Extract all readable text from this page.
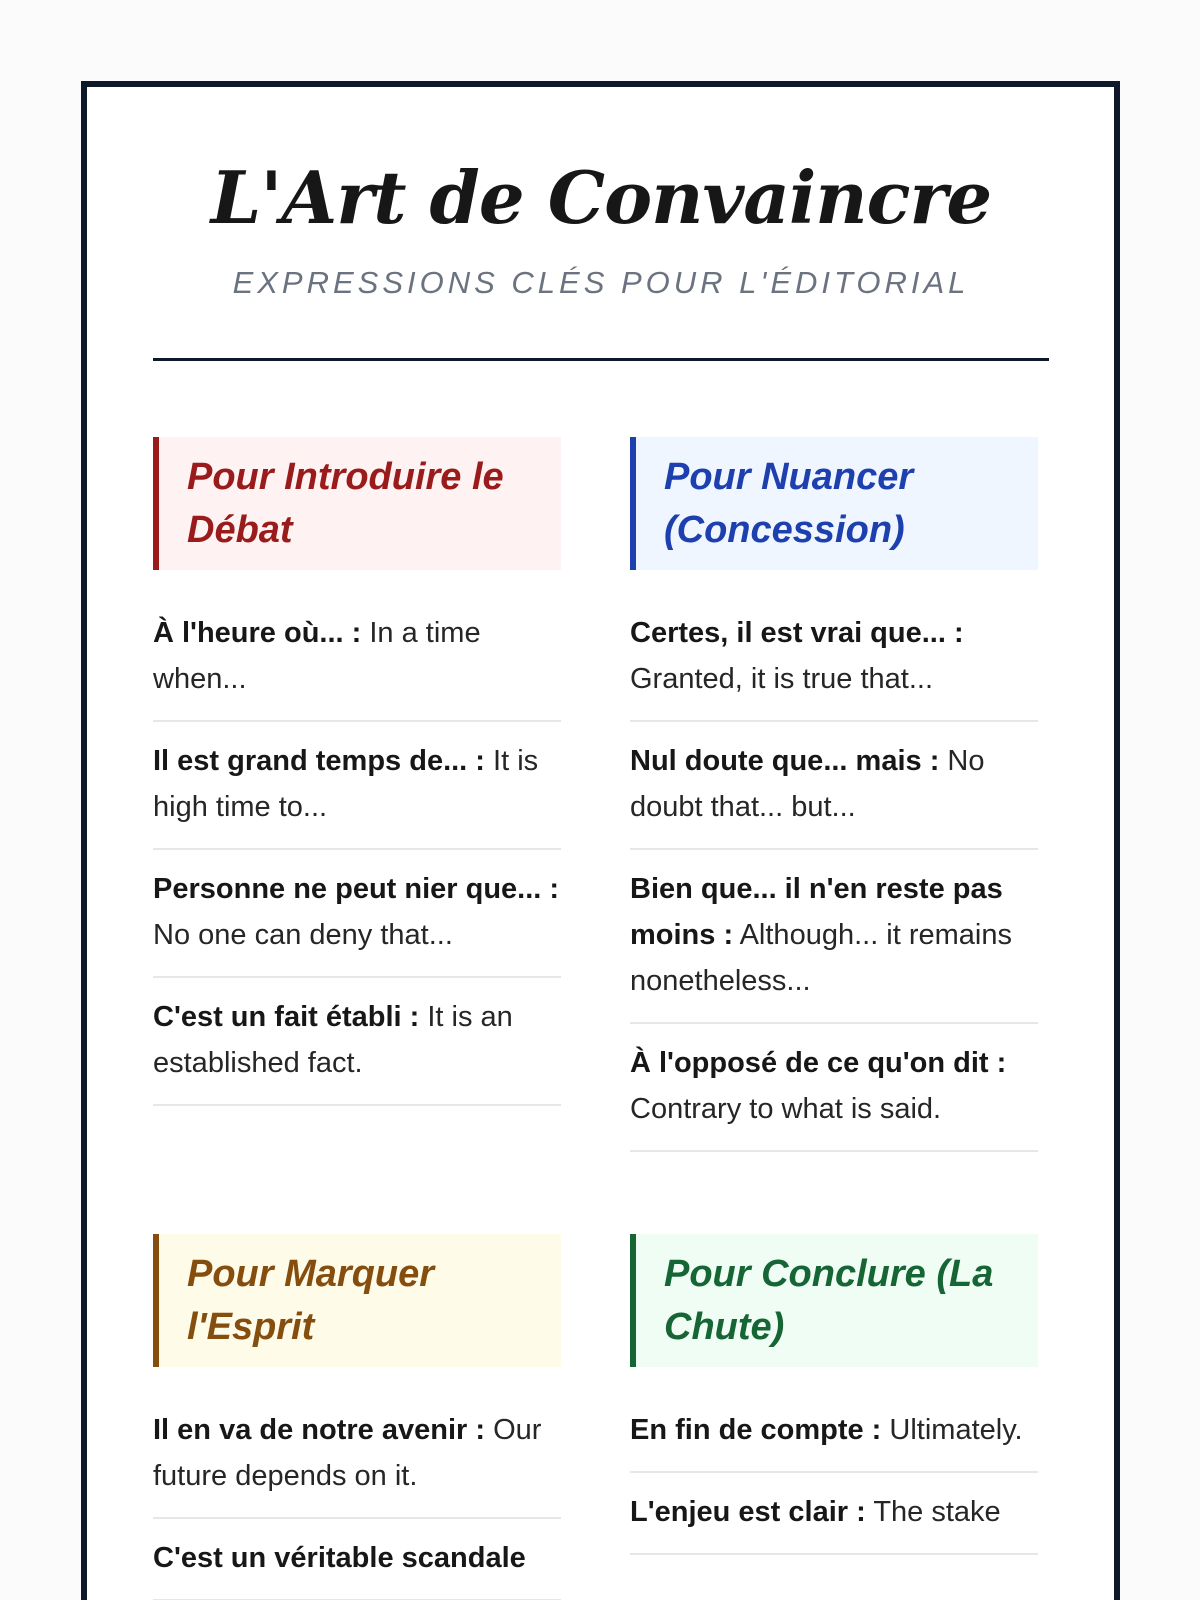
L'Art de Convaincre
EXPRESSIONS CLÉS POUR L'ÉDITORIAL
Pour Introduire le Débat
À l'heure où... : In a time when...
Il est grand temps de... : It is high time to...
Personne ne peut nier que... : No one can deny that...
C'est un fait établi : It is an established fact.
Pour Nuancer (Concession)
Certes, il est vrai que... : Granted, it is true that...
Nul doute que... mais : No doubt that... but...
Bien que... il n'en reste pas moins : Although... it remains nonetheless...
À l'opposé de ce qu'on dit : Contrary to what is said.
Pour Marquer l'Esprit
Il en va de notre avenir : Our future depends on it.
C'est un véritable scandale
Pour Conclure (La Chute)
En fin de compte : Ultimately.
L'enjeu est clair : The stake
